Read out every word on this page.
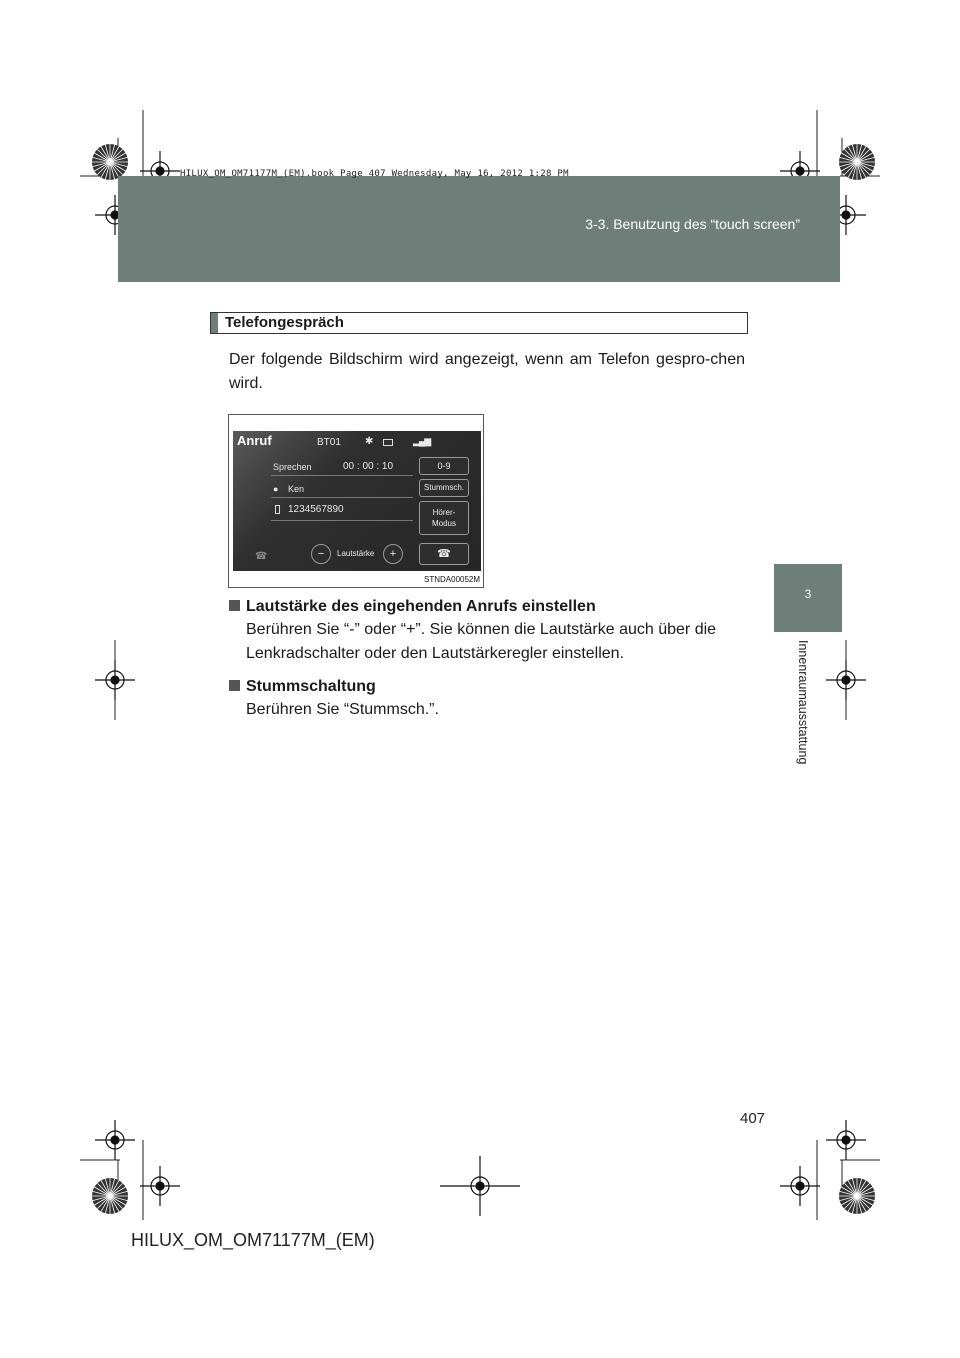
3-3. Benutzung des “touch screen”
HILUX_OM_OM71177M_(EM).book Page 407 Wednesday, May 16, 2012 1:28 PM
3
Innenraumausstattung
Telefongespräch
Der folgende Bildschirm wird angezeigt, wenn am Telefon gespro-chen wird.
Anruf	BT01 ✱	▂▄▆
Sprechen	00 : 00 : 10
● Ken
1234567890
0-9
Stummsch.
Hörer-
Modus
☎	−	Lautstärke	+	☎
STNDA00052M
Lautstärke des eingehenden Anrufs einstellen
Berühren Sie “-” oder “+”. Sie können die Lautstärke auch über die Lenkradschalter oder den Lautstärkeregler einstellen.
Stummschaltung
Berühren Sie “Stummsch.”.
407
HILUX_OM_OM71177M_(EM)
